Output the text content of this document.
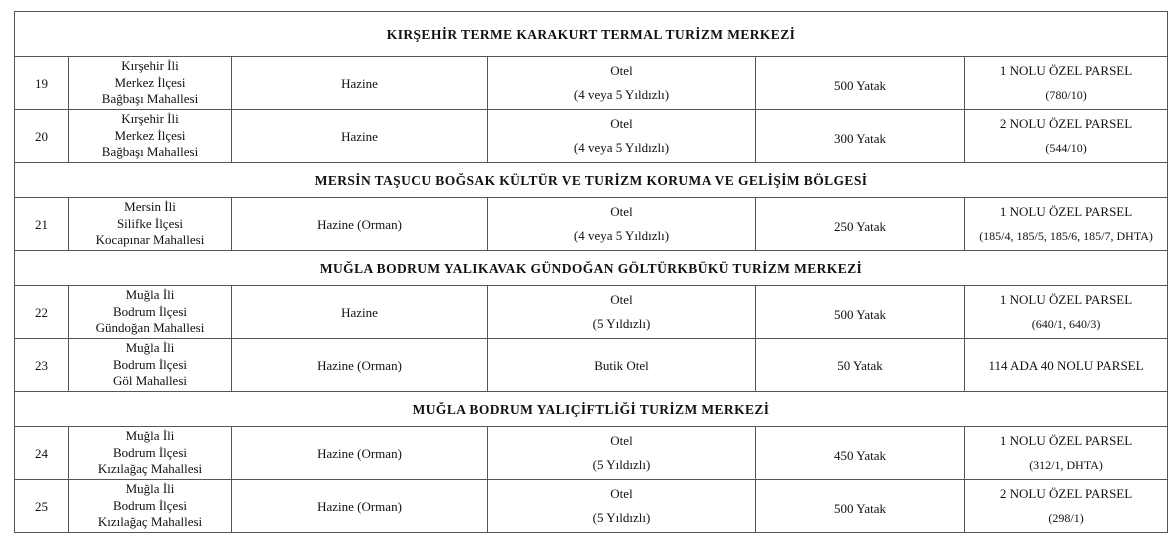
KIRŞEHİR TERME KARAKURT TERMAL TURİZM MERKEZİ					
19	Kırşehir İli
Merkez İlçesi
Bağbaşı Mahallesi	Hazine	Otel
(4 veya 5 Yıldızlı)	500 Yatak	1 NOLU ÖZEL PARSEL
(780/10)

20	Kırşehir İli
Merkez İlçesi
Bağbaşı Mahallesi	Hazine	Otel
(4 veya 5 Yıldızlı)	300 Yatak	2 NOLU ÖZEL PARSEL
(544/10)

MERSİN TAŞUCU BOĞSAK KÜLTÜR VE TURİZM KORUMA VE GELİŞİM BÖLGESİ					
21	Mersin İli
Silifke İlçesi
Kocapınar Mahallesi	Hazine (Orman)	Otel
(4 veya 5 Yıldızlı)	250 Yatak	1 NOLU ÖZEL PARSEL
(185/4, 185/5, 185/6, 185/7, DHTA)

MUĞLA BODRUM YALIKAVAK GÜNDOĞAN GÖLTÜRKBÜKÜ TURİZM MERKEZİ					
22	Muğla İli
Bodrum İlçesi
Gündoğan Mahallesi	Hazine	Otel
(5 Yıldızlı)	500 Yatak	1 NOLU ÖZEL PARSEL
(640/1, 640/3)

23	Muğla İli
Bodrum İlçesi
Göl Mahallesi	Hazine (Orman)	Butik Otel	50 Yatak	114 ADA 40 NOLU PARSEL
MUĞLA BODRUM YALIÇİFTLİĞİ TURİZM MERKEZİ					
24	Muğla İli
Bodrum İlçesi
Kızılağaç Mahallesi	Hazine (Orman)	Otel
(5 Yıldızlı)	450 Yatak	1 NOLU ÖZEL PARSEL
(312/1, DHTA)

25	Muğla İli
Bodrum İlçesi
Kızılağaç Mahallesi	Hazine (Orman)	Otel
(5 Yıldızlı)	500 Yatak	2 NOLU ÖZEL PARSEL
(298/1)
